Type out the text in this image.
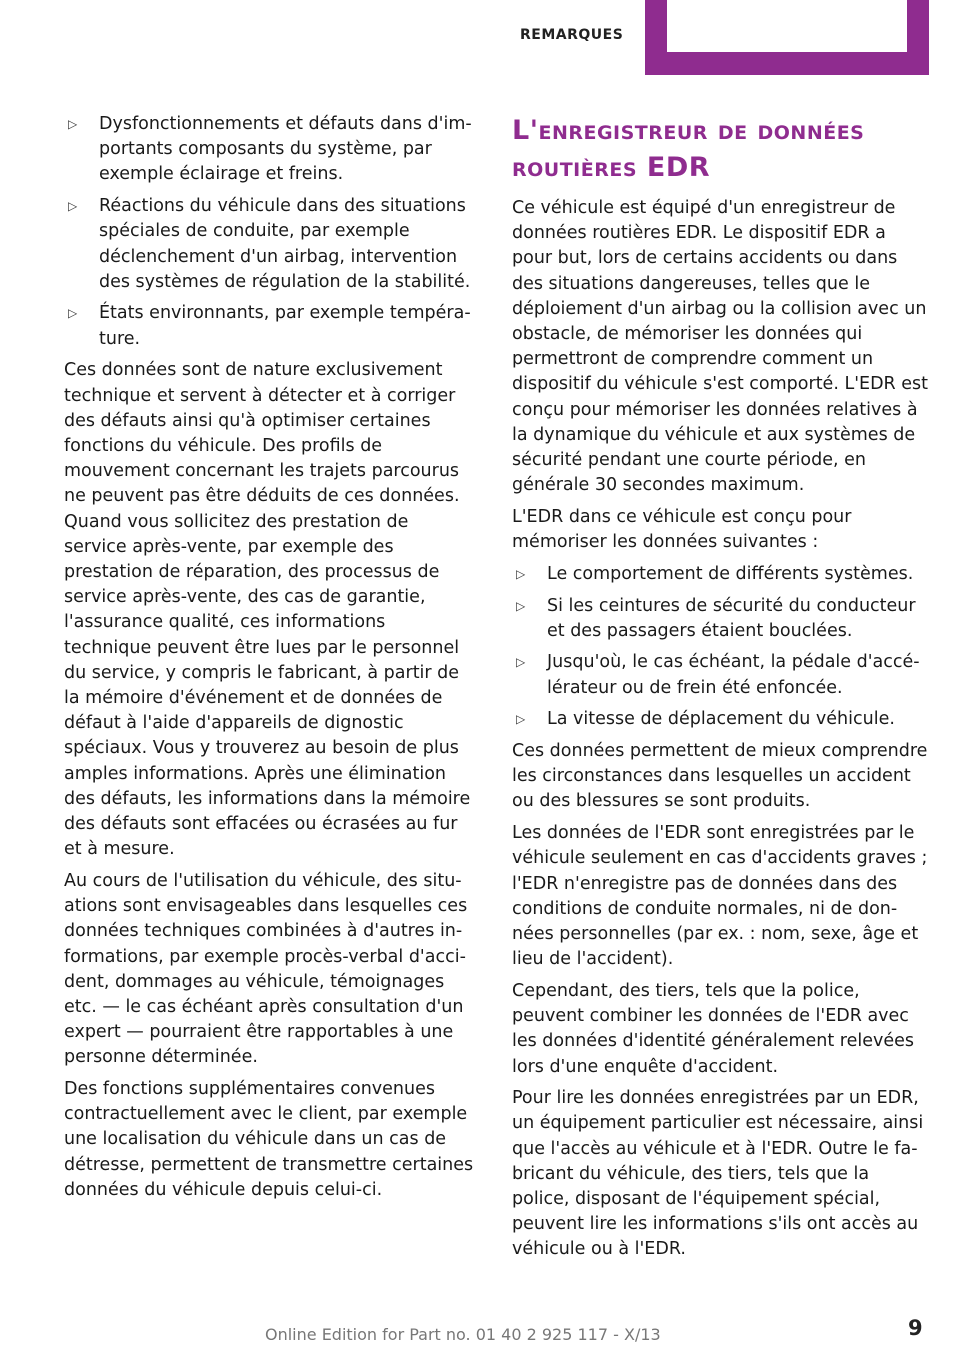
REMARQUES
▷ Dysfonctionnements et défauts dans d'importants composants du système, par exemple éclairage et freins.
▷ Réactions du véhicule dans des situations spéciales de conduite, par exemple déclenchement d'un airbag, intervention des systèmes de régulation de la stabilité.
▷ États environnants, par exemple température.

Ces données sont de nature exclusivement technique et servent à détecter et à corriger des défauts ainsi qu'à optimiser certaines fonctions du véhicule. Des profils de mouvement concernant les trajets parcourus ne peuvent pas être déduits de ces données. Quand vous sollicitez des prestation de service après-vente, par exemple des prestation de réparation, des processus de service après-vente, des cas de garantie, l'assurance qualité, ces informations technique peuvent être lues par le personnel du service, y compris le fabricant, à partir de la mémoire d'événement et de données de défaut à l'aide d'appareils de dignostic spéciaux. Vous y trouverez au besoin de plus amples informations. Après une élimination des défauts, les informations dans la mémoire des défauts sont effacées ou écrasées au fur et à mesure.

Au cours de l'utilisation du véhicule, des situations sont envisageables dans lesquelles ces données techniques combinées à d'autres informations, par exemple procès-verbal d'accident, dommages au véhicule, témoignages etc. — le cas échéant après consultation d'un expert — pourraient être rapportables à une personne déterminée.

Des fonctions supplémentaires convenues contractuellement avec le client, par exemple une localisation du véhicule dans un cas de détresse, permettent de transmettre certaines données du véhicule depuis celui-ci.

L'enregistreur de données routières EDR

Ce véhicule est équipé d'un enregistreur de données routières EDR. Le dispositif EDR a pour but, lors de certains accidents ou dans des situations dangereuses, telles que le déploiement d'un airbag ou la collision avec un obstacle, de mémoriser les données qui permettront de comprendre comment un dispositif du véhicule s'est comporté. L'EDR est conçu pour mémoriser les données relatives à la dynamique du véhicule et aux systèmes de sécurité pendant une courte période, en générale 30 secondes maximum.

L'EDR dans ce véhicule est conçu pour mémoriser les données suivantes :

▷ Le comportement de différents systèmes.
▷ Si les ceintures de sécurité du conducteur et des passagers étaient bouclées.
▷ Jusqu'où, le cas échéant, la pédale d'accélérateur ou de frein été enfoncée.
▷ La vitesse de déplacement du véhicule.

Ces données permettent de mieux comprendre les circonstances dans lesquelles un accident ou des blessures se sont produits.

Les données de l'EDR sont enregistrées par le véhicule seulement en cas d'accidents graves ; l'EDR n'enregistre pas de données dans des conditions de conduite normales, ni de données personnelles (par ex. : nom, sexe, âge et lieu de l'accident).

Cependant, des tiers, tels que la police, peuvent combiner les données de l'EDR avec les données d'identité généralement relevées lors d'une enquête d'accident.

Pour lire les données enregistrées par un EDR, un équipement particulier est nécessaire, ainsi que l'accès au véhicule et à l'EDR. Outre le fabricant du véhicule, des tiers, tels que la police, disposant de l'équipement spécial, peuvent lire les informations s'ils ont accès au véhicule ou à l'EDR.

Online Edition for Part no. 01 40 2 925 117 - X/13	9
